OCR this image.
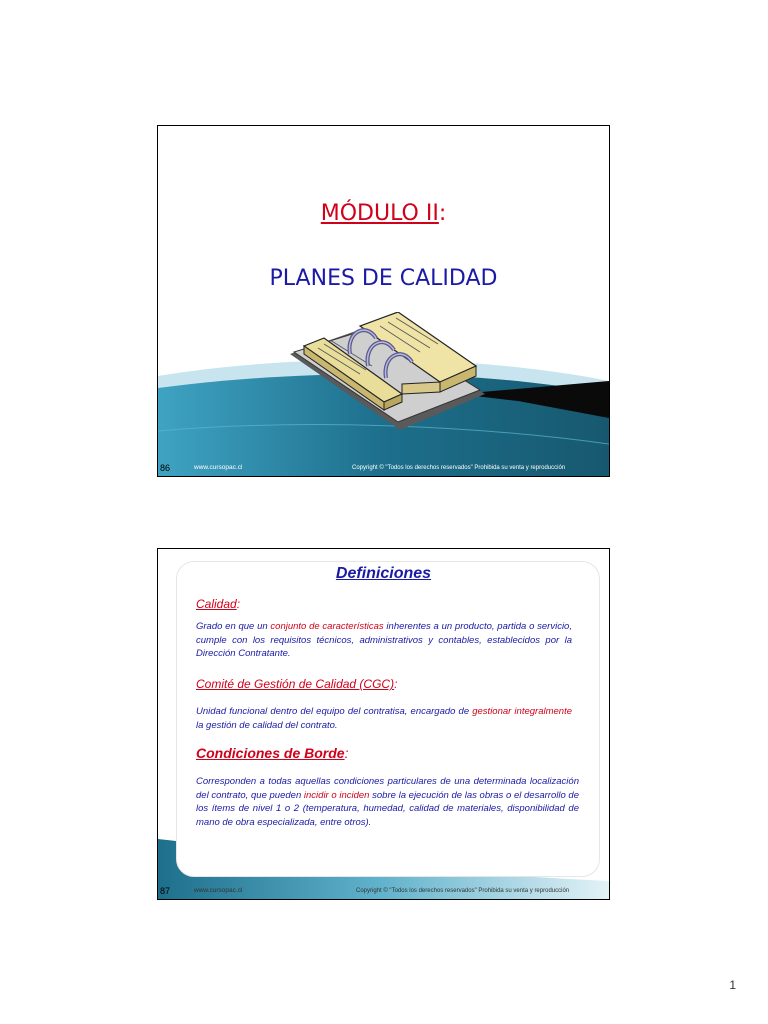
MÓDULO II:
PLANES DE CALIDAD
86	www.cursopac.cl	Copyright © "Todos los derechos reservados" Prohibida su venta y reproducción
Definiciones
Calidad:
Grado en que un conjunto de características inherentes a un producto, partida o servicio, cumple con los requisitos técnicos, administrativos y contables, establecidos por la Dirección Contratante.
Comité de Gestión de Calidad (CGC):
Unidad funcional dentro del equipo del contratisa, encargado de gestionar integralmente la gestión de calidad del contrato.
Condiciones de Borde:
Corresponden a todas aquellas condiciones particulares de una determinada localización del contrato, que pueden incidir o inciden sobre la ejecución de las obras o el desarrollo de los ítems de nivel 1 o 2 (temperatura, humedad, calidad de materiales, disponibilidad de mano de obra especializada, entre otros).
87	www.cursopac.cl	Copyright © "Todos los derechos reservados" Prohibida su venta y reproducción
1
